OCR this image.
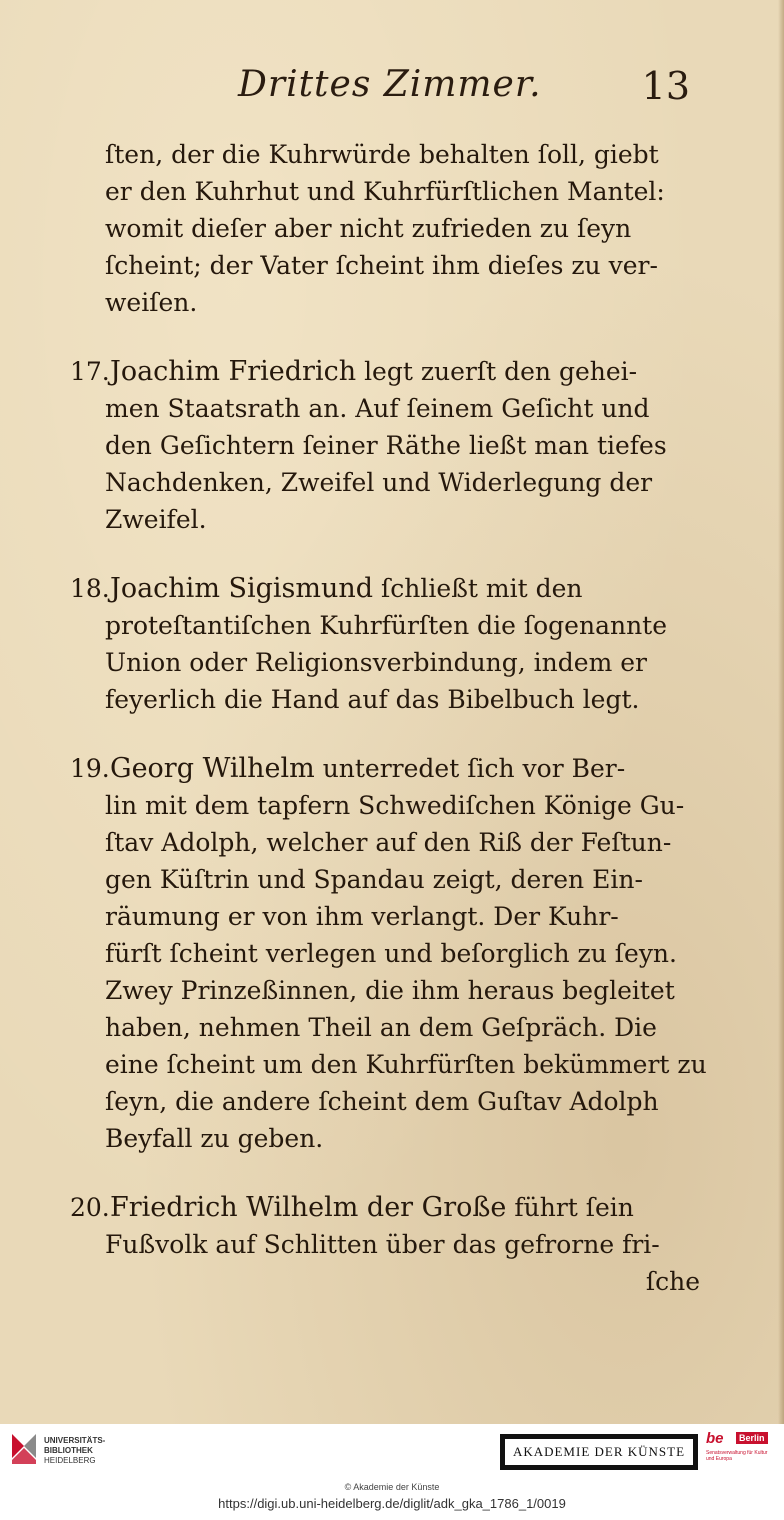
Drittes Zimmer.	13
ſten, der die Kuhrwürde behalten ſoll, giebt
er den Kuhrhut und Kuhrfürſtlichen Mantel:
womit dieſer aber nicht zufrieden zu ſeyn
ſcheint; der Vater ſcheint ihm dieſes zu ver-
weiſen.
17. Joachim Friedrich
legt zuerſt den gehei-
men Staatsrath an. Auf ſeinem Geſicht und
den Geſichtern ſeiner Räthe ließt man tiefes
Nachdenken, Zweifel und Widerlegung der
Zweifel.
18. Joachim Sigismund
ſchließt mit den
proteſtantiſchen Kuhrfürſten die ſogenannte
Union oder Religionsverbindung, indem er
feyerlich die Hand auf das Bibelbuch legt.
19. Georg Wilhelm
unterredet ſich vor Ber-
lin mit dem tapfern Schwediſchen Könige Gu-
ſtav Adolph, welcher auf den Riß der Feſtun-
gen Küſtrin und Spandau zeigt, deren Ein-
räumung er von ihm verlangt. Der Kuhr-
fürſt ſcheint verlegen und beſorglich zu ſeyn.
Zwey Prinzeßinnen, die ihm heraus begleitet
haben, nehmen Theil an dem Geſpräch. Die
eine ſcheint um den Kuhrfürſten bekümmert zu
ſeyn, die andere ſcheint dem Guſtav Adolph
Beyfall zu geben.
20. Friedrich Wilhelm der Große
führt ſein
Fußvolk auf Schlitten über das gefrorne fri-
ſche
UNIVERSITÄTS-
BIBLIOTHEK
HEIDELBERG
AKADEMIE DER KÜNSTE
be	Berlin
Senatsverwaltung für Kultur und Europa
© Akademie der Künste
https://digi.ub.uni-heidelberg.de/diglit/adk_gka_1786_1/0019
